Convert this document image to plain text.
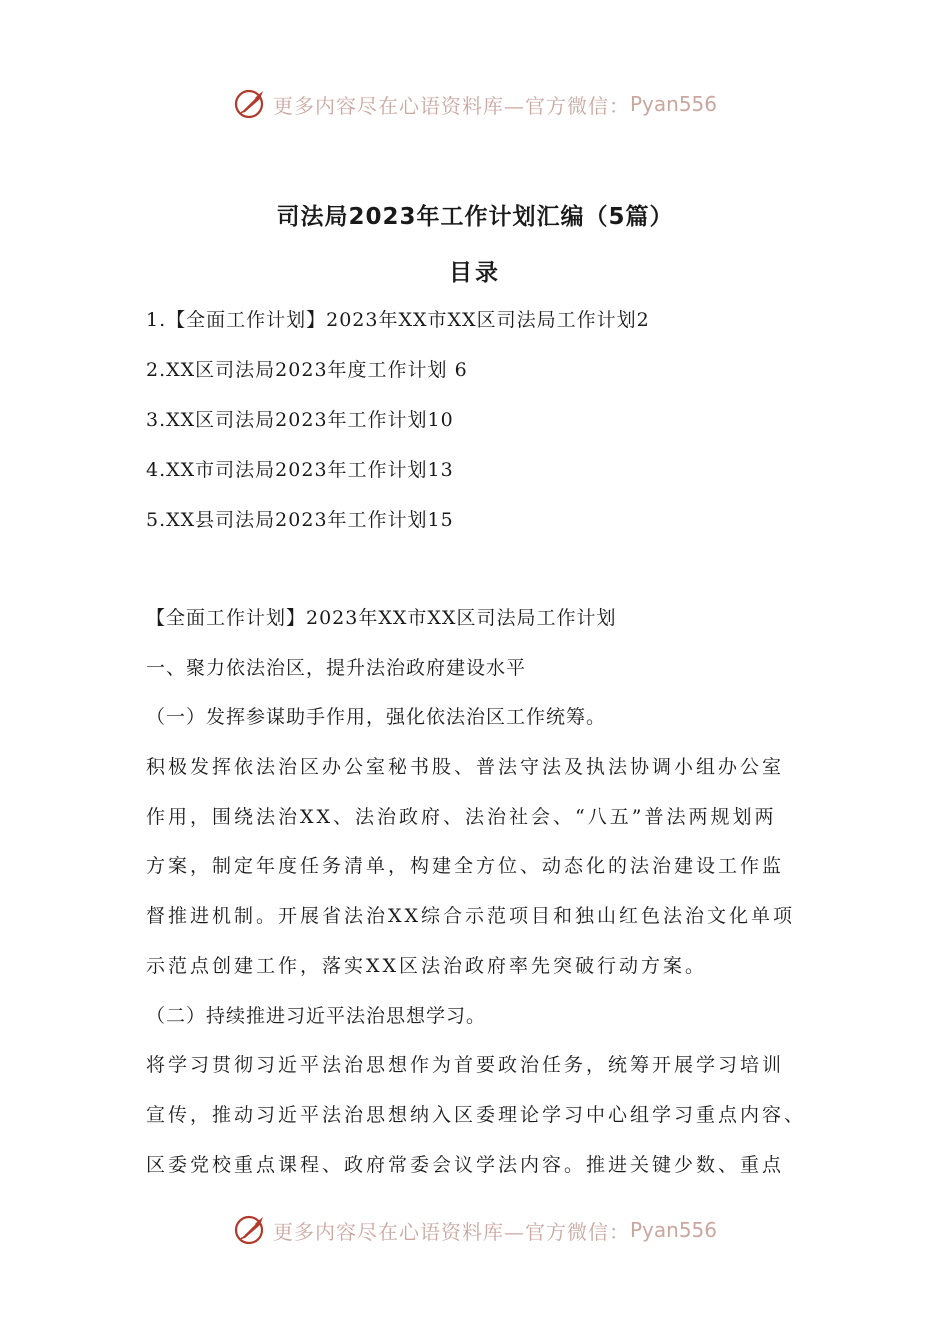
更多内容尽在心语资料库—官方微信： Pyan556
司法局2023年工作计划汇编（5篇）
目录
1.【全面工作计划】2023年XX市XX区司法局工作计划2
2.XX区司法局2023年度工作计划 6
3.XX区司法局2023年工作计划10
4.XX市司法局2023年工作计划13
5.XX县司法局2023年工作计划15
【全面工作计划】2023年XX市XX区司法局工作计划
一、聚力依法治区，提升法治政府建设水平
（一）发挥参谋助手作用，强化依法治区工作统筹。
积极发挥依法治区办公室秘书股、普法守法及执法协调小组办公室
作用，围绕法治XX、法治政府、法治社会、“八五”普法两规划两
方案，制定年度任务清单，构建全方位、动态化的法治建设工作监
督推进机制。开展省法治XX综合示范项目和独山红色法治文化单项
示范点创建工作，落实XX区法治政府率先突破行动方案。
（二）持续推进习近平法治思想学习。
将学习贯彻习近平法治思想作为首要政治任务，统筹开展学习培训
宣传，推动习近平法治思想纳入区委理论学习中心组学习重点内容、
区委党校重点课程、政府常委会议学法内容。推进关键少数、重点
更多内容尽在心语资料库—官方微信： Pyan556
